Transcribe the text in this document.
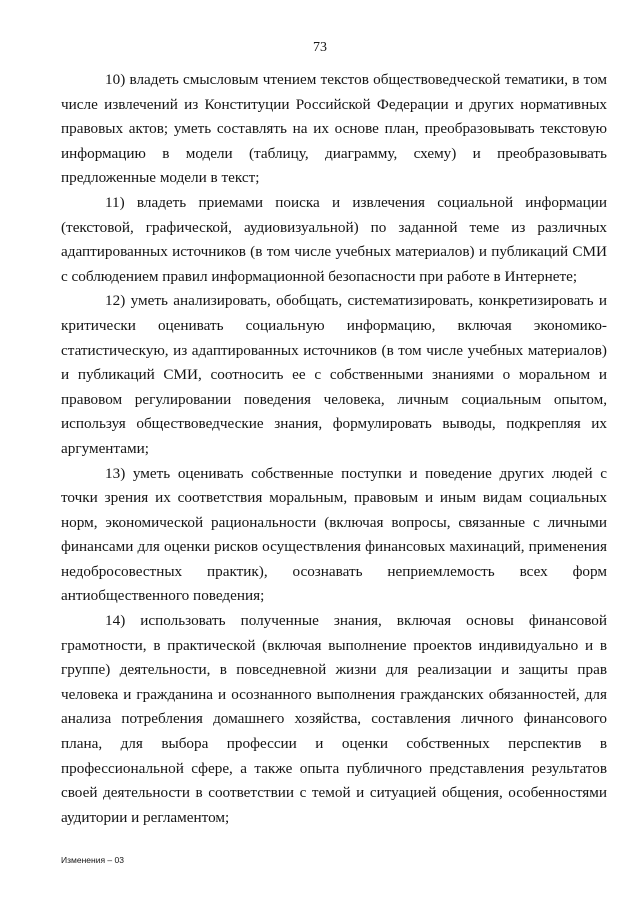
73

10) владеть смысловым чтением текстов обществоведческой тематики, в том числе извлечений из Конституции Российской Федерации и других нормативных правовых актов; уметь составлять на их основе план, преобразовывать текстовую информацию в модели (таблицу, диаграмму, схему) и преобразовывать предложенные модели в текст;

11) владеть приемами поиска и извлечения социальной информации (текстовой, графической, аудиовизуальной) по заданной теме из различных адаптированных источников (в том числе учебных материалов) и публикаций СМИ с соблюдением правил информационной безопасности при работе в Интернете;

12) уметь анализировать, обобщать, систематизировать, конкретизировать и критически оценивать социальную информацию, включая экономико-статистическую, из адаптированных источников (в том числе учебных материалов) и публикаций СМИ, соотносить ее с собственными знаниями о моральном и правовом регулировании поведения человека, личным социальным опытом, используя обществоведческие знания, формулировать выводы, подкрепляя их аргументами;

13) уметь оценивать собственные поступки и поведение других людей с точки зрения их соответствия моральным, правовым и иным видам социальных норм, экономической рациональности (включая вопросы, связанные с личными финансами для оценки рисков осуществления финансовых махинаций, применения недобросовестных практик), осознавать неприемлемость всех форм антиобщественного поведения;

14) использовать полученные знания, включая основы финансовой грамотности, в практической (включая выполнение проектов индивидуально и в группе) деятельности, в повседневной жизни для реализации и защиты прав человека и гражданина и осознанного выполнения гражданских обязанностей, для анализа потребления домашнего хозяйства, составления личного финансового плана, для выбора профессии и оценки собственных перспектив в профессиональной сфере, а также опыта публичного представления результатов своей деятельности в соответствии с темой и ситуацией общения, особенностями аудитории и регламентом;

Изменения – 03
